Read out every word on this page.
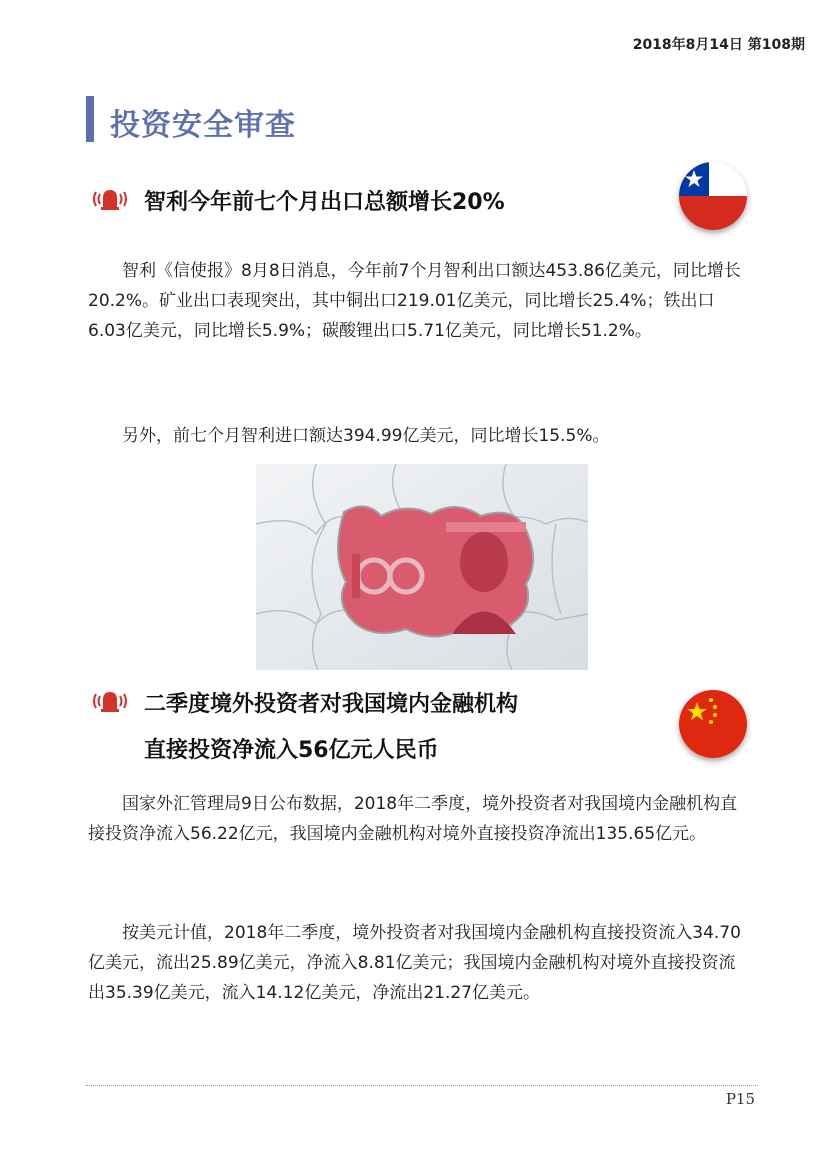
2018年8月14日 第108期
投资安全审查
智利今年前七个月出口总额增长20%

智利《信使报》8月8日消息，今年前7个月智利出口额达453.86亿美元，同比增长20.2%。矿业出口表现突出，其中铜出口219.01亿美元，同比增长25.4%；铁出口6.03亿美元，同比增长5.9%；碳酸锂出口5.71亿美元，同比增长51.2%。

另外，前七个月智利进口额达394.99亿美元，同比增长15.5%。

二季度境外投资者对我国境内金融机构
直接投资净流入56亿元人民币

国家外汇管理局9日公布数据，2018年二季度，境外投资者对我国境内金融机构直接投资净流入56.22亿元，我国境内金融机构对境外直接投资净流出135.65亿元。

按美元计值，2018年二季度，境外投资者对我国境内金融机构直接投资流入34.70亿美元，流出25.89亿美元，净流入8.81亿美元；我国境内金融机构对境外直接投资流出35.39亿美元，流入14.12亿美元，净流出21.27亿美元。

P15
